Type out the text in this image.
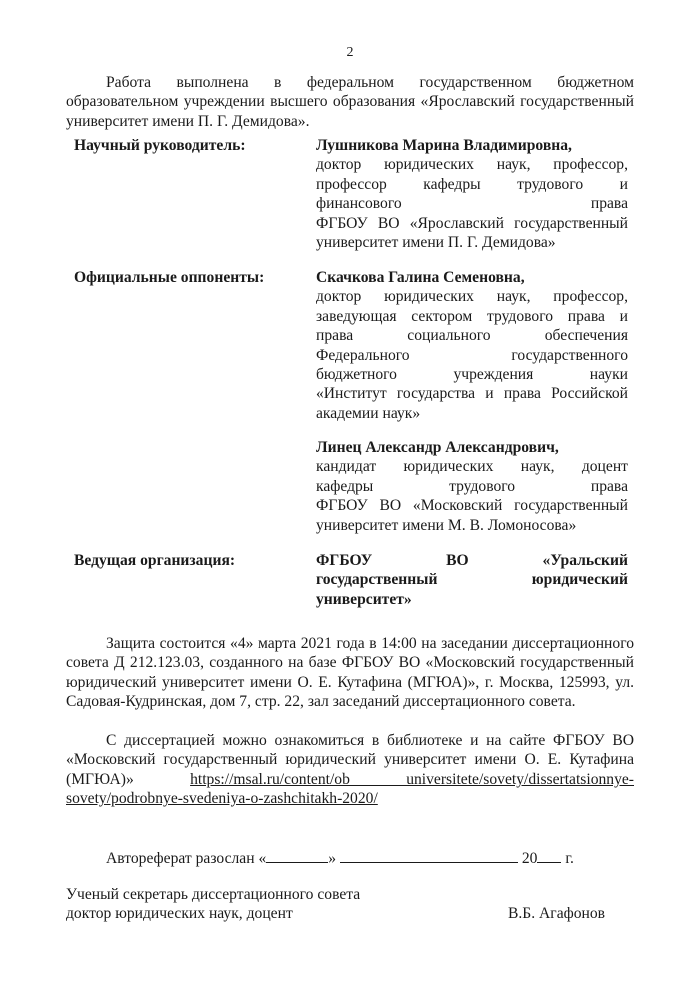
2
Работа выполнена в федеральном государственном бюджетном образовательном учреждении высшего образования «Ярославский государственный университет имени П. Г. Демидова».
Научный руководитель:	Лушникова Марина Владимировна,
доктор юридических наук, профессор,
профессор кафедры трудового и
финансового права
ФГБОУ ВО «Ярославский государственный
университет имени П. Г. Демидова»
Официальные оппоненты:	Скачкова Галина Семеновна,
доктор юридических наук, профессор,
заведующая сектором трудового права и
права социального обеспечения
Федерального государственного
бюджетного учреждения науки
«Институт государства и права Российской
академии наук»
Линец Александр Александрович,
кандидат юридических наук, доцент
кафедры трудового права
ФГБОУ ВО «Московский государственный
университет имени М. В. Ломоносова»
Ведущая организация:	ФГБОУ ВО «Уральский
государственный юридический
университет»
Защита состоится «4» марта 2021 года в 14:00 на заседании диссертационного совета Д 212.123.03, созданного на базе ФГБОУ ВО «Московский государственный юридический университет имени О. Е. Кутафина (МГЮА)», г. Москва, 125993, ул. Садовая-Кудринская, дом 7, стр. 22, зал заседаний диссертационного совета.
С диссертацией можно ознакомиться в библиотеке и на сайте ФГБОУ ВО «Московский государственный юридический университет имени О. Е. Кутафина (МГЮА)»	https://msal.ru/content/ob universitete/sovety/dissertatsionnye-sovety/podrobnye-svedeniya-o-zashchitakh-2020/
Автореферат разослан «	»	20 г.
Ученый секретарь диссертационного совета
доктор юридических наук, доцент	В.Б. Агафонов
